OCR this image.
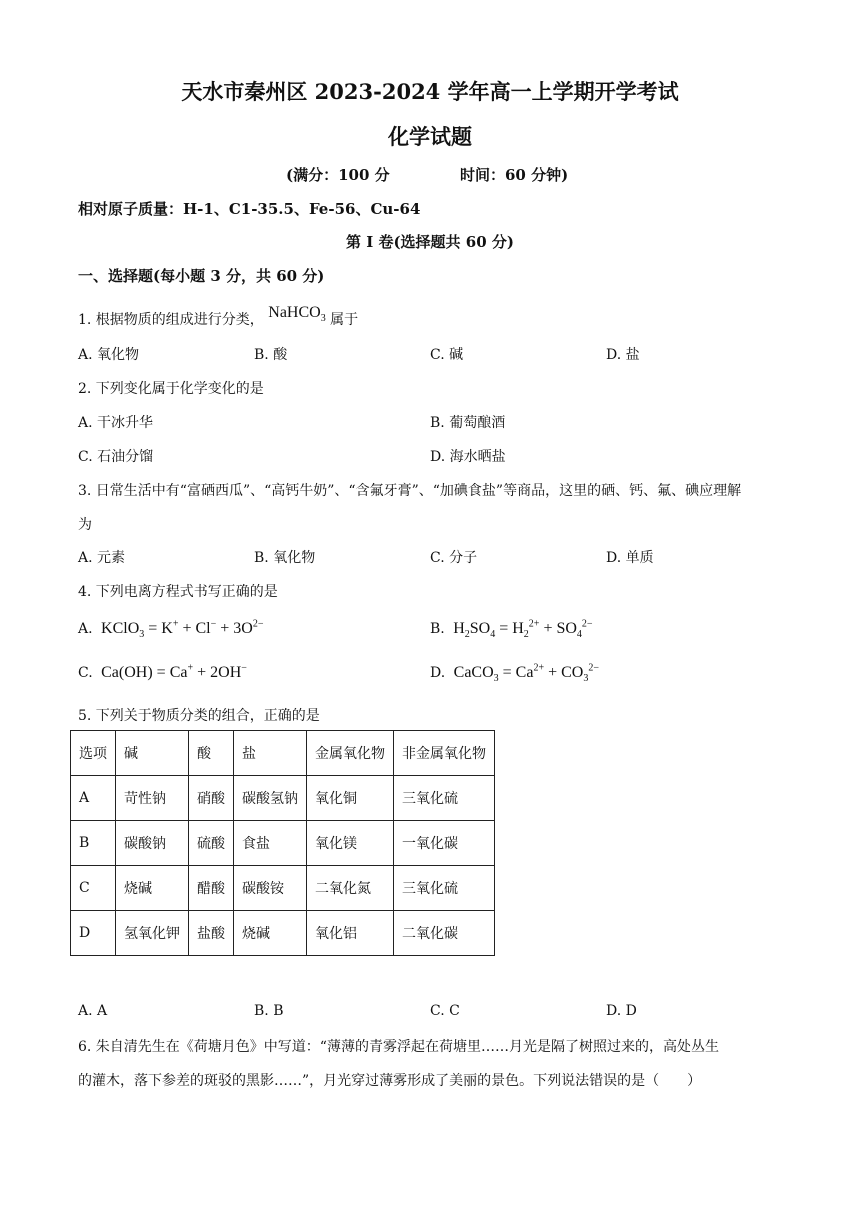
天水市秦州区 2023-2024 学年高一上学期开学考试
化学试题
(满分：100 分	时间：60 分钟)
相对原子质量：H-1、C1-35.5、Fe-56、Cu-64
第 I 卷(选择题共 60 分)
一、选择题(每小题 3 分，共 60 分)
1. 根据物质的组成进行分类， NaHCO$_3$ 属于
A. 氧化物	B. 酸	C. 碱	D. 盐
2. 下列变化属于化学变化的是
A. 干冰升华	B. 葡萄酿酒
C. 石油分馏	D. 海水晒盐
3. 日常生活中有“富硒西瓜”、“高钙牛奶”、“含氟牙膏”、“加碘食盐”等商品，这里的硒、钙、氟、碘应理解
为
A. 元素	B. 氧化物	C. 分子	D. 单质
4. 下列电离方程式书写正确的是
A.  KClO$_3$ = $K^+ + Cl^- + 3O^{2-}$	B.  $H_2SO_4 = H_2^{2+} + SO_4^{2-}$
C.  Ca(OH) = Ca+ + 2OH−	D.  CaCO$_3$ = $Ca^{2+} + CO_3^{2-}$
5. 下列关于物质分类的组合，正确的是
选项	碱	酸	盐	金属氧化物	非金属氧化物
A	苛性钠	硝酸	碳酸氢钠	氧化铜	三氧化硫
B	碳酸钠	硫酸	食盐	氧化镁	一氧化碳
C	烧碱	醋酸	碳酸铵	二氧化氮	三氧化硫
D	氢氧化钾	盐酸	烧碱	氧化铝	二氧化碳
A. A	B. B	C. C	D. D
6. 朱自清先生在《荷塘月色》中写道：“薄薄的青雾浮起在荷塘里……月光是隔了树照过来的，高处丛生
的灌木，落下参差的斑驳的黑影……”，月光穿过薄雾形成了美丽的景色。下列说法错误的是（　　）
